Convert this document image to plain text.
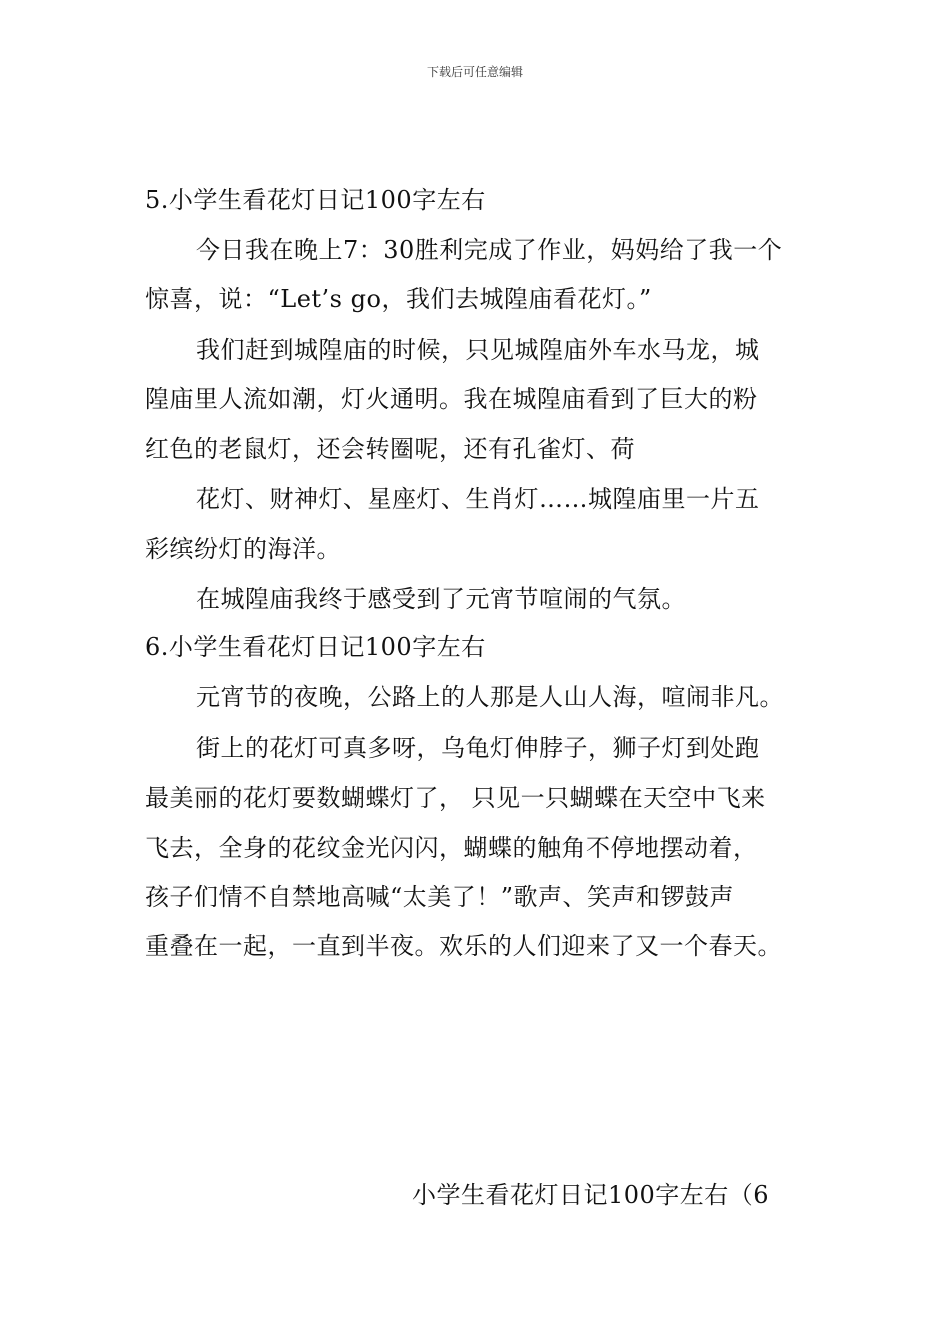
下载后可任意编辑
5.小学生看花灯日记100字左右
今日我在晚上7：30胜利完成了作业，妈妈给了我一个
惊喜，说：“Let’s go，我们去城隍庙看花灯。”
我们赶到城隍庙的时候，只见城隍庙外车水马龙，城
隍庙里人流如潮，灯火通明。我在城隍庙看到了巨大的粉
红色的老鼠灯，还会转圈呢，还有孔雀灯、荷
花灯、财神灯、星座灯、生肖灯……城隍庙里一片五
彩缤纷灯的海洋。
在城隍庙我终于感受到了元宵节喧闹的气氛。
6.小学生看花灯日记100字左右
元宵节的夜晚，公路上的人那是人山人海，喧闹非凡。
街上的花灯可真多呀，乌龟灯伸脖子，狮子灯到处跑
最美丽的花灯要数蝴蝶灯了， 只见一只蝴蝶在天空中飞来
飞去，全身的花纹金光闪闪，蝴蝶的触角不停地摆动着，
孩子们情不自禁地高喊“太美了！”歌声、笑声和锣鼓声
重叠在一起，一直到半夜。欢乐的人们迎来了又一个春天。
小学生看花灯日记100字左右（6
